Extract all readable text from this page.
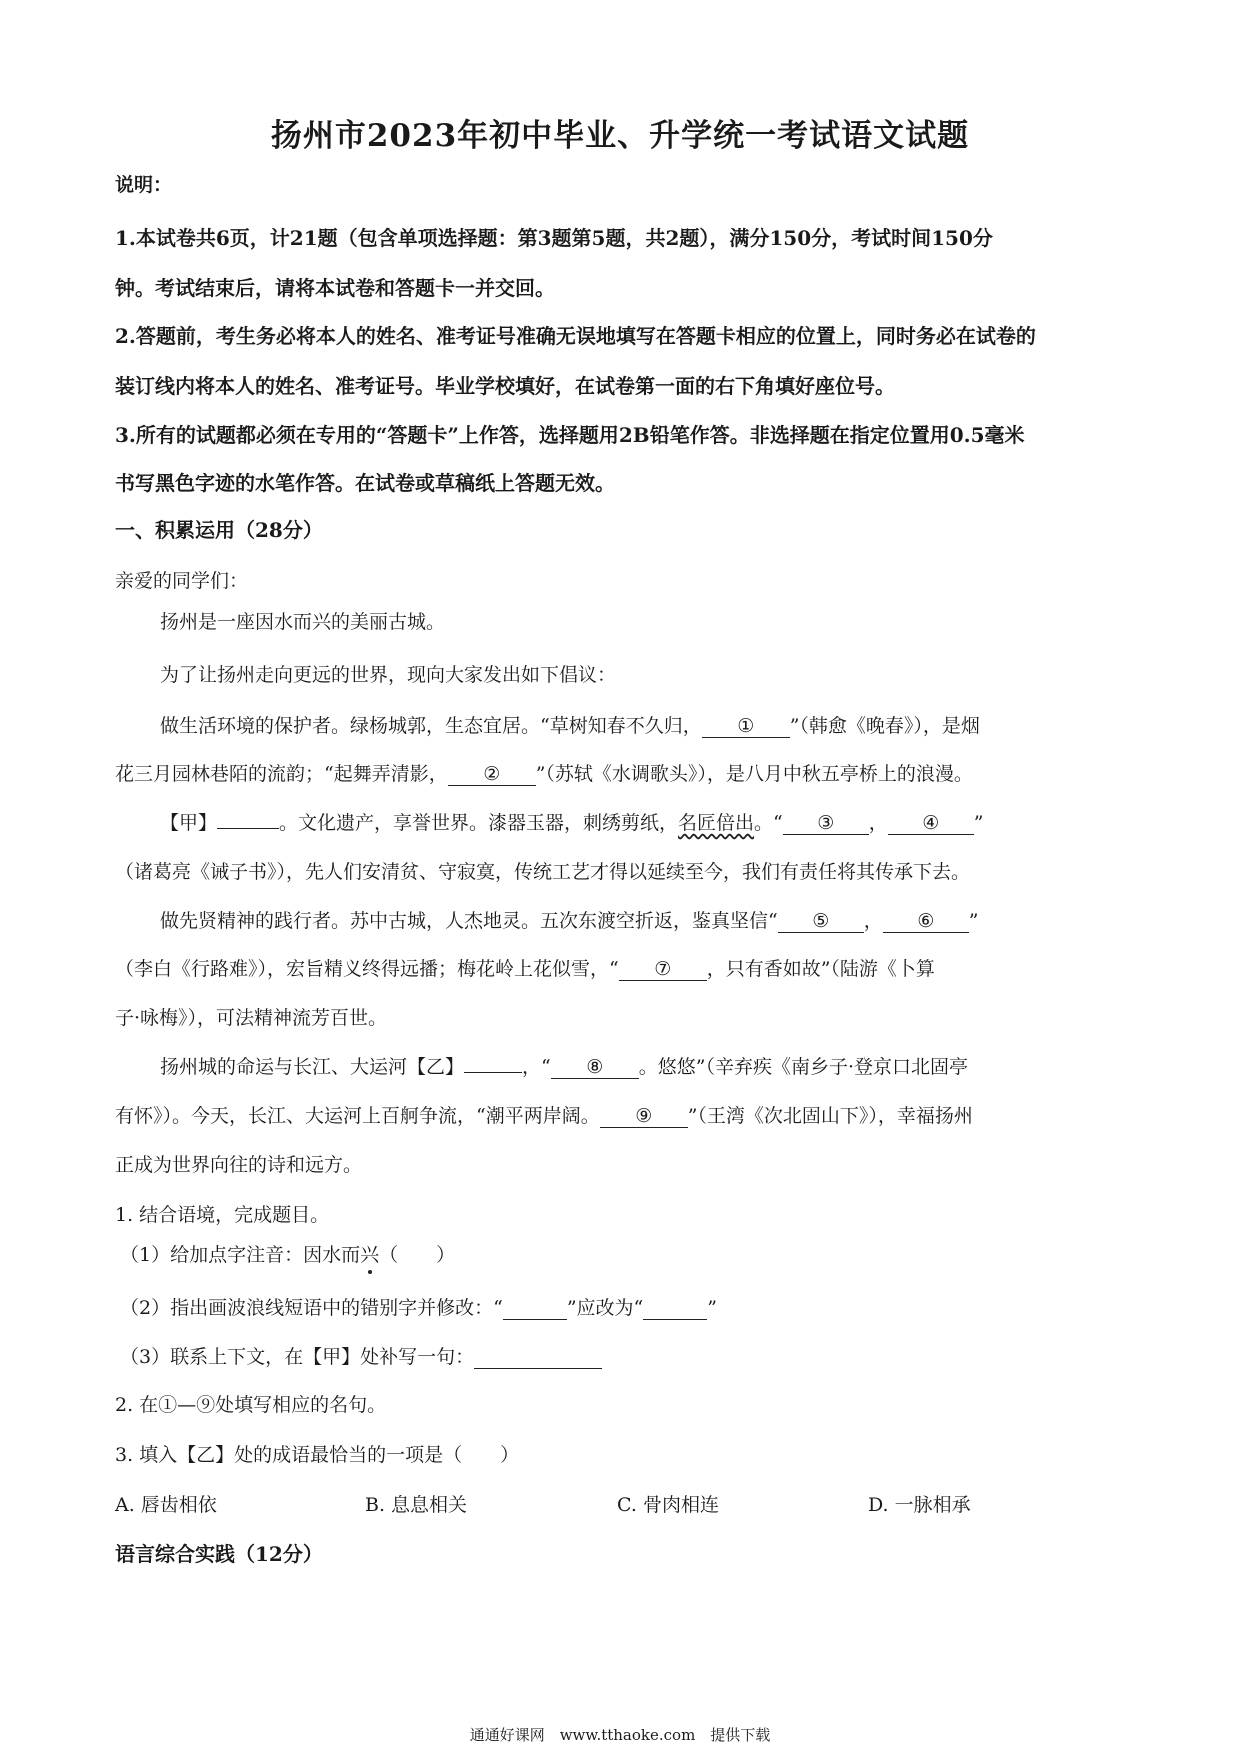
扬州市2023年初中毕业、升学统一考试语文试题
说明：
1.本试卷共6页，计21题（包含单项选择题：第3题第5题，共2题），满分150分，考试时间150分
钟。考试结束后，请将本试卷和答题卡一并交回。
2.答题前，考生务必将本人的姓名、准考证号准确无误地填写在答题卡相应的位置上，同时务必在试卷的
装订线内将本人的姓名、准考证号。毕业学校填好，在试卷第一面的右下角填好座位号。
3.所有的试题都必须在专用的“答题卡”上作答，选择题用2B铅笔作答。非选择题在指定位置用0.5毫米
书写黑色字迹的水笔作答。在试卷或草稿纸上答题无效。
一、积累运用（28分）
亲爱的同学们：
扬州是一座因水而兴的美丽古城。
为了让扬州走向更远的世界，现向大家发出如下倡议：
做生活环境的保护者。绿杨城郭，生态宜居。“草树知春不久归， ① ”（韩愈《晚春》），是烟
花三月园林巷陌的流韵；“起舞弄清影， ② ”（苏轼《水调歌头》），是八月中秋五亭桥上的浪漫。
【甲】	。文化遗产，享誉世界。漆器玉器，刺绣剪纸，名匠倍出。“ ③ ， ④ ”
（诸葛亮《诫子书》），先人们安清贫、守寂寞，传统工艺才得以延续至今，我们有责任将其传承下去。
做先贤精神的践行者。苏中古城，人杰地灵。五次东渡空折返，鉴真坚信“ ⑤ ， ⑥ ”
（李白《行路难》），宏旨精义终得远播；梅花岭上花似雪，“ ⑦ ，只有香如故”（陆游《卜算
子·咏梅》），可法精神流芳百世。
扬州城的命运与长江、大运河【乙】	，“ ⑧ 。悠悠”（辛弃疾《南乡子·登京口北固亭
有怀》）。今天，长江、大运河上百舸争流，“潮平两岸阔。 ⑨ ”（王湾《次北固山下》），幸福扬州
正成为世界向往的诗和远方。
1. 结合语境，完成题目。
（1）给加点字注音：因水而兴（　　）
（2）指出画波浪线短语中的错别字并修改：“	”应改为“	”
（3）联系上下文，在【甲】处补写一句：
2. 在①—⑨处填写相应的名句。
3. 填入【乙】处的成语最恰当的一项是（　　）
A. 唇齿相依	B. 息息相关	C. 骨肉相连	D. 一脉相承
语言综合实践（12分）
通通好课网　www.tthaoke.com　提供下载
